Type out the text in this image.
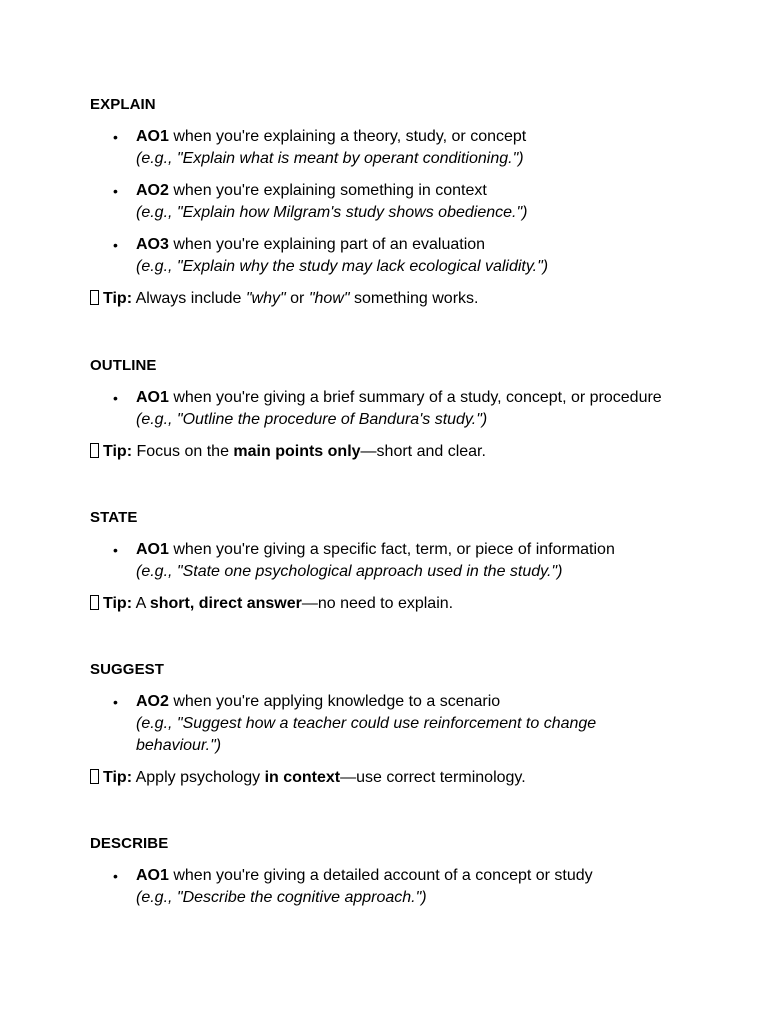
EXPLAIN

• AO1 when you're explaining a theory, study, or concept
(e.g., "Explain what is meant by operant conditioning.")
• AO2 when you're explaining something in context
(e.g., "Explain how Milgram's study shows obedience.")
• AO3 when you're explaining part of an evaluation
(e.g., "Explain why the study may lack ecological validity.")
Tip: Always include "why" or "how" something works.

OUTLINE

• AO1 when you're giving a brief summary of a study, concept, or procedure
(e.g., "Outline the procedure of Bandura's study.")
Tip: Focus on the main points only—short and clear.

STATE

• AO1 when you're giving a specific fact, term, or piece of information
(e.g., "State one psychological approach used in the study.")
Tip: A short, direct answer—no need to explain.

SUGGEST

• AO2 when you're applying knowledge to a scenario
(e.g., "Suggest how a teacher could use reinforcement to change behaviour.")
Tip: Apply psychology in context—use correct terminology.

DESCRIBE

• AO1 when you're giving a detailed account of a concept or study
(e.g., "Describe the cognitive approach.")
